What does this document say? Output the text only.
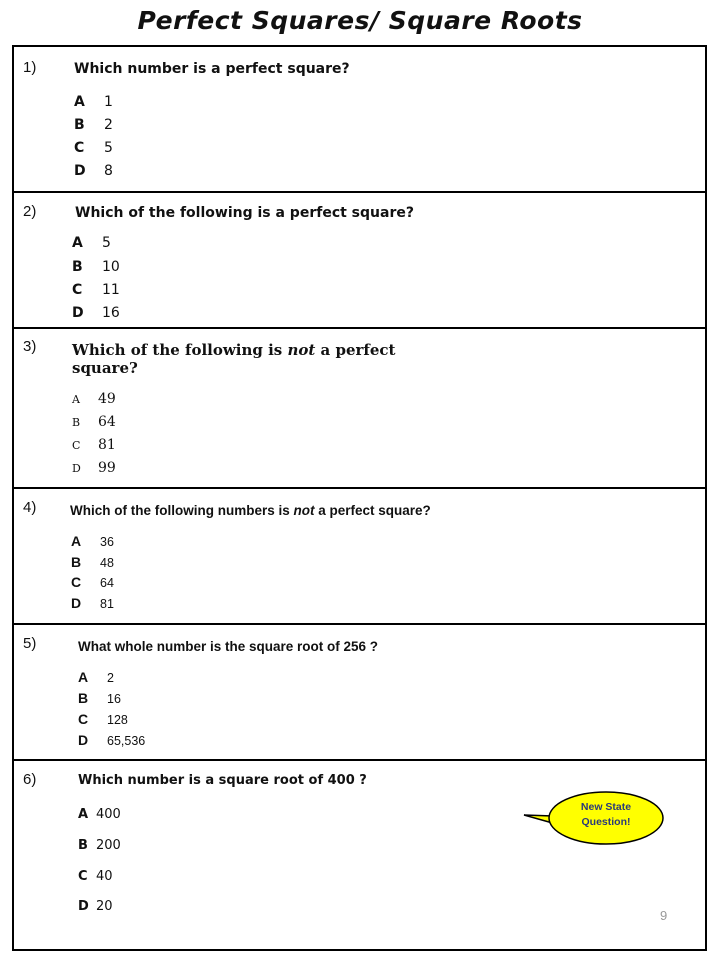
Perfect Squares/ Square Roots
1)	Which number is a perfect square?
A 1
B 2
C 5
D 8
2)	Which of the following is a perfect square?
A 5
B 10
C 11
D 16
3) Which of the following is not a perfect
square?
A 49
B 64
C 81
D 99
4) Which of the following numbers is not a perfect square?
A 36
B 48
C 64
D 81
5)	What whole number is the square root of 256 ?
A 2
B 16
C 128
D 65,536
6)	Which number is a square root of 400 ?
A 400
B 200
C 40
D 20
New State
Question!
9
